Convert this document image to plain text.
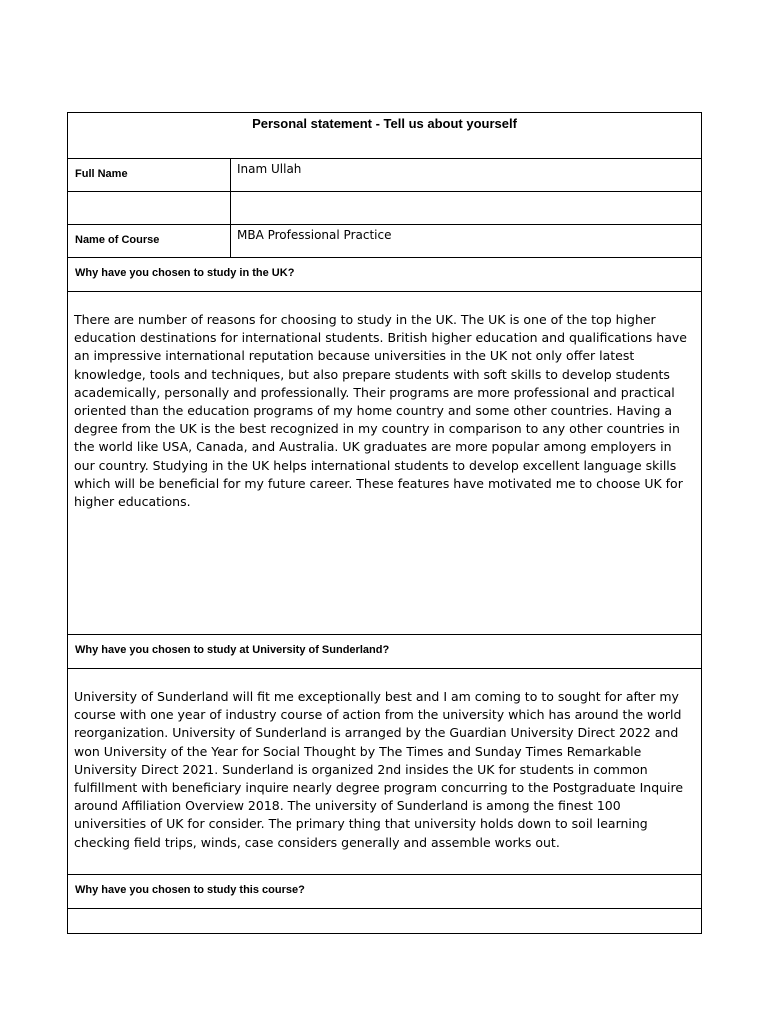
Personal statement - Tell us about yourself
Full Name	Inam Ullah
Name of Course	MBA Professional Practice
Why have you chosen to study in the UK?

There are number of reasons for choosing to study in the UK. The UK is one of the top higher education destinations for international students. British higher education and qualifications have an impressive international reputation because universities in the UK not only offer latest knowledge, tools and techniques, but also prepare students with soft skills to develop students academically, personally and professionally. Their programs are more professional and practical oriented than the education programs of my home country and some other countries. Having a degree from the UK is the best recognized in my country in comparison to any other countries in the world like USA, Canada, and Australia. UK graduates are more popular among employers in our country. Studying in the UK helps international students to develop excellent language skills which will be beneficial for my future career. These features have motivated me to choose UK for higher educations.

Why have you chosen to study at University of Sunderland?

University of Sunderland will fit me exceptionally best and I am coming to to sought for after my course with one year of industry course of action from the university which has around the world reorganization. University of Sunderland is arranged by the Guardian University Direct 2022 and won University of the Year for Social Thought by The Times and Sunday Times Remarkable University Direct 2021. Sunderland is organized 2nd insides the UK for students in common fulfillment with beneficiary inquire nearly degree program concurring to the Postgraduate Inquire around Affiliation Overview 2018. The university of Sunderland is among the finest 100 universities of UK for consider. The primary thing that university holds down to soil learning checking field trips, winds, case considers generally and assemble works out.

Why have you chosen to study this course?
